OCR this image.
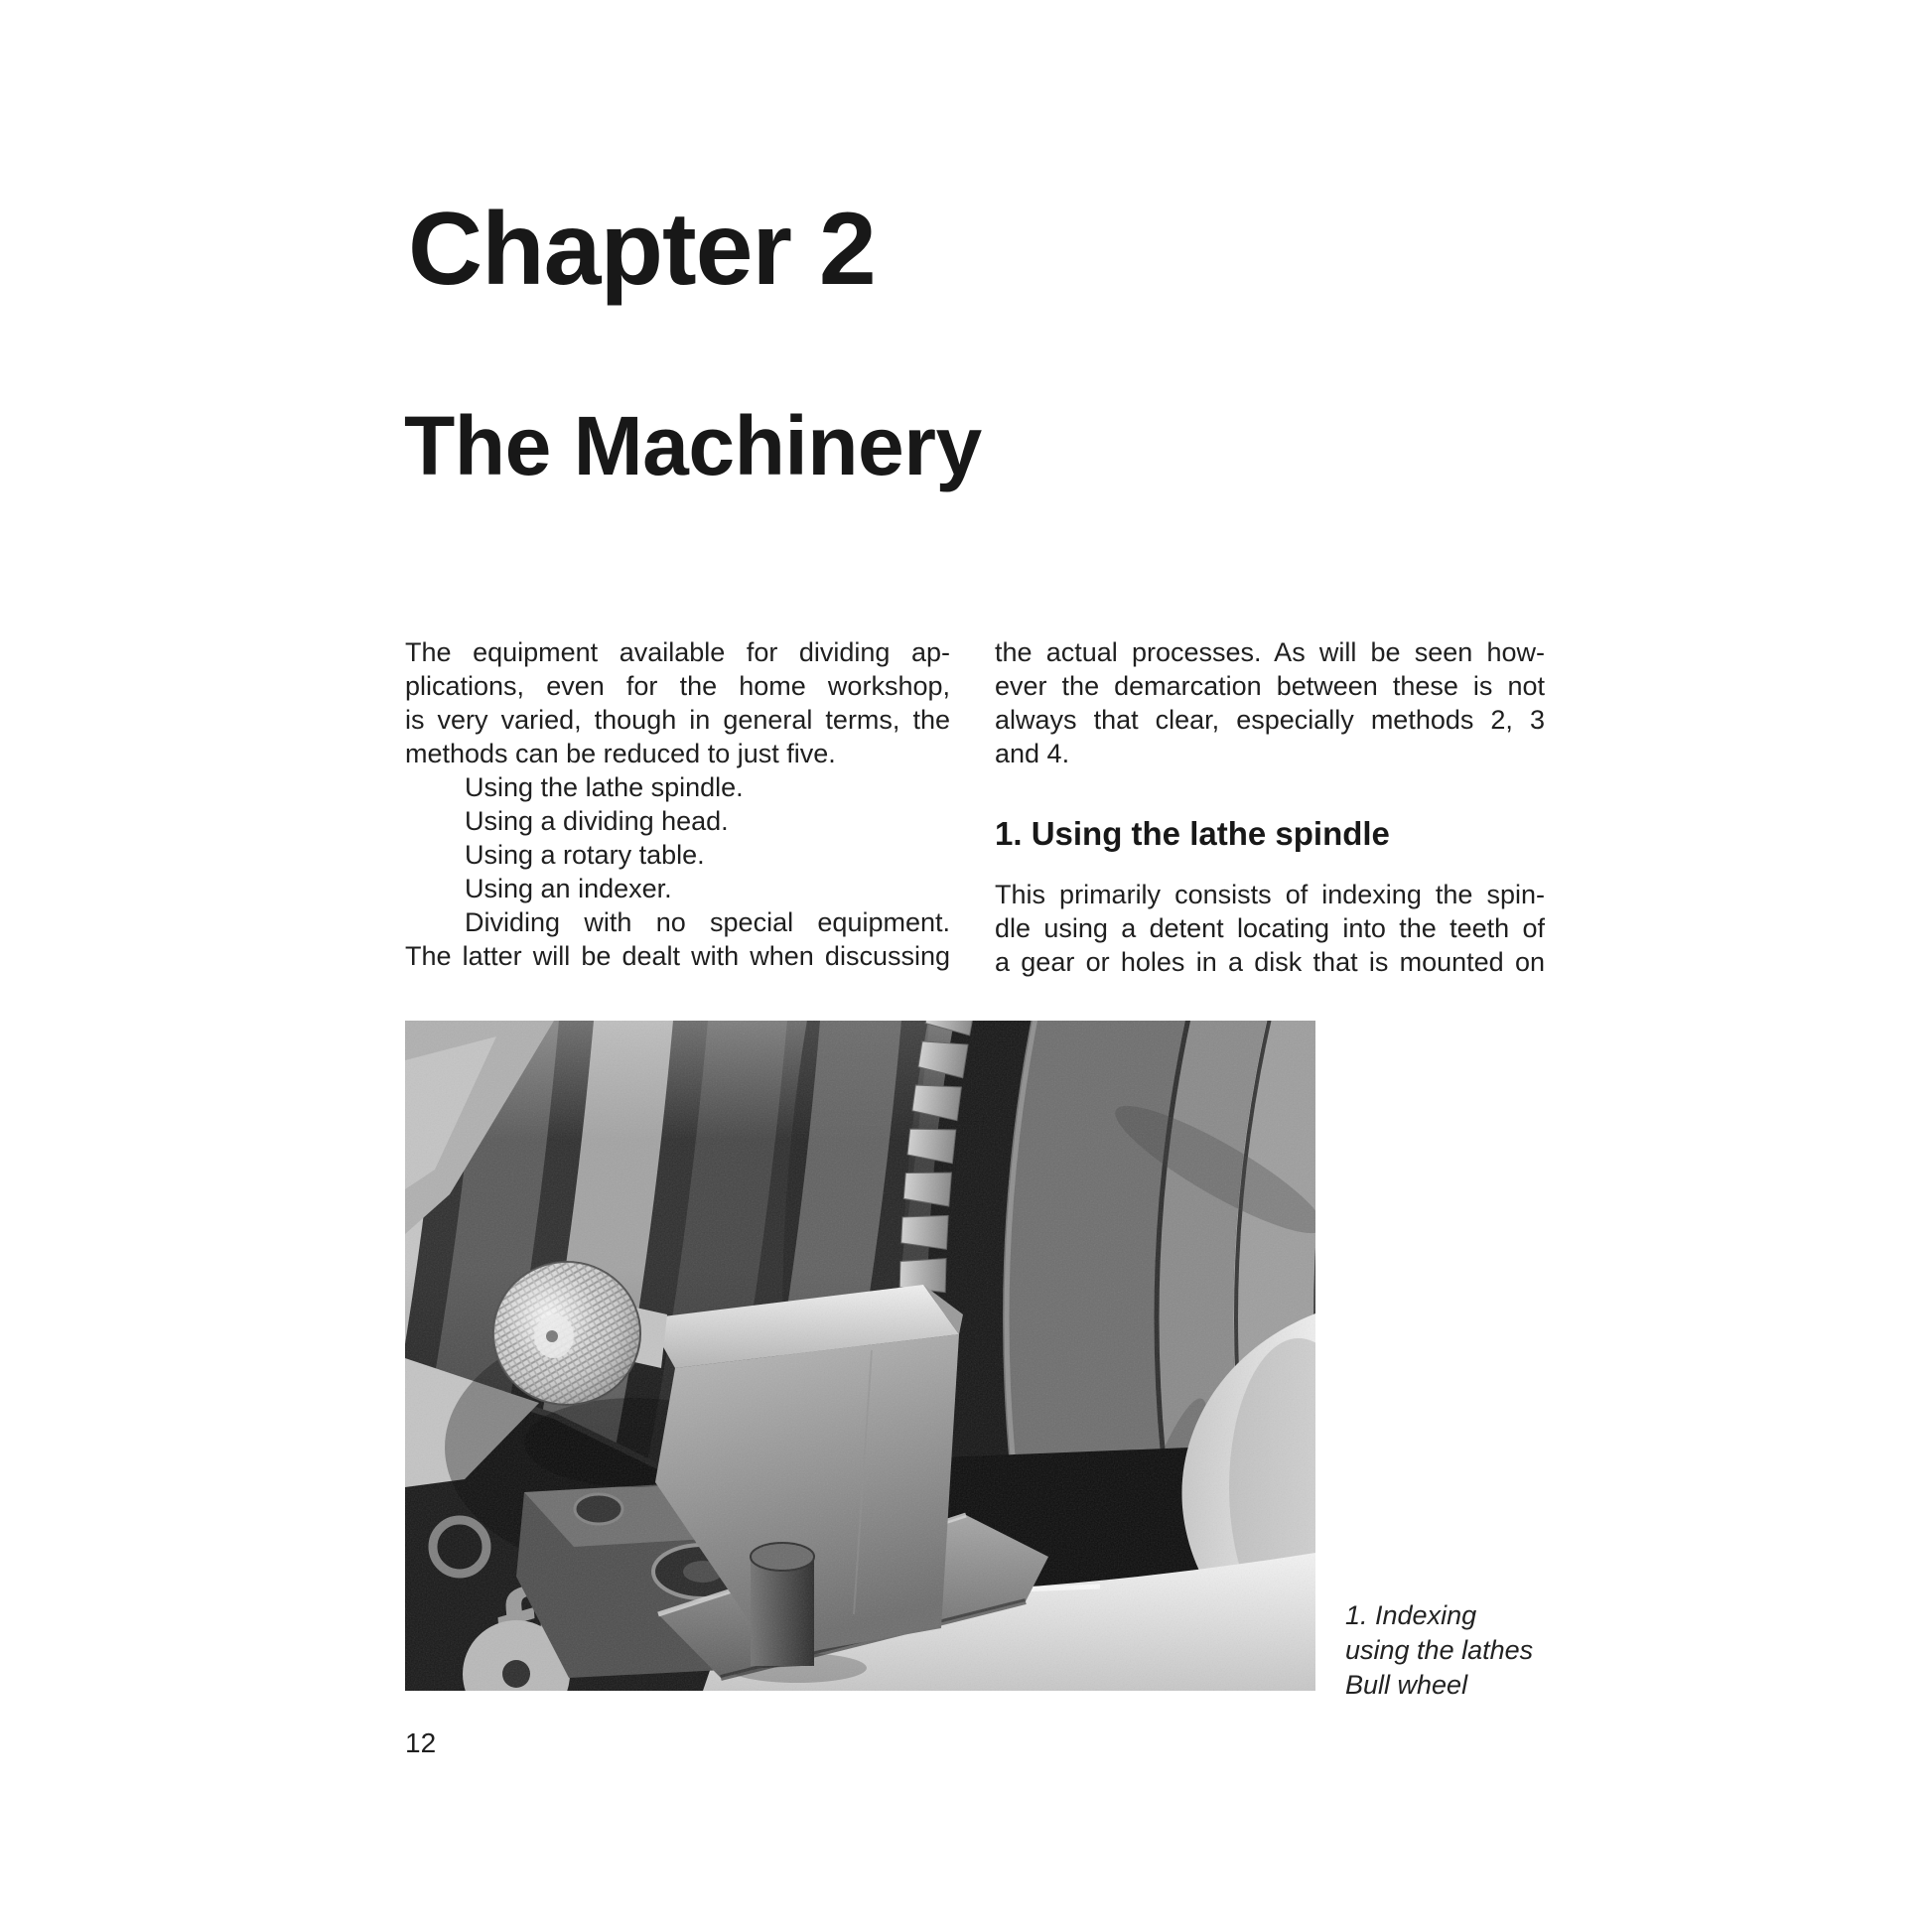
Chapter 2
The Machinery
The equipment available for dividing ap-
plications, even for the home workshop,
is very varied, though in general terms, the
methods can be reduced to just five.
Using the lathe spindle.
Using a dividing head.
Using a rotary table.
Using an indexer.
Dividing with no special equipment.
The latter will be dealt with when discussing
the actual processes. As will be seen how-
ever the demarcation between these is not
always that clear, especially methods 2, 3
and 4.
1. Using the lathe spindle
This primarily consists of indexing the spin-
dle using a detent locating into the teeth of
a gear or holes in a disk that is mounted on
1. Indexing
using the lathes
Bull wheel
12
